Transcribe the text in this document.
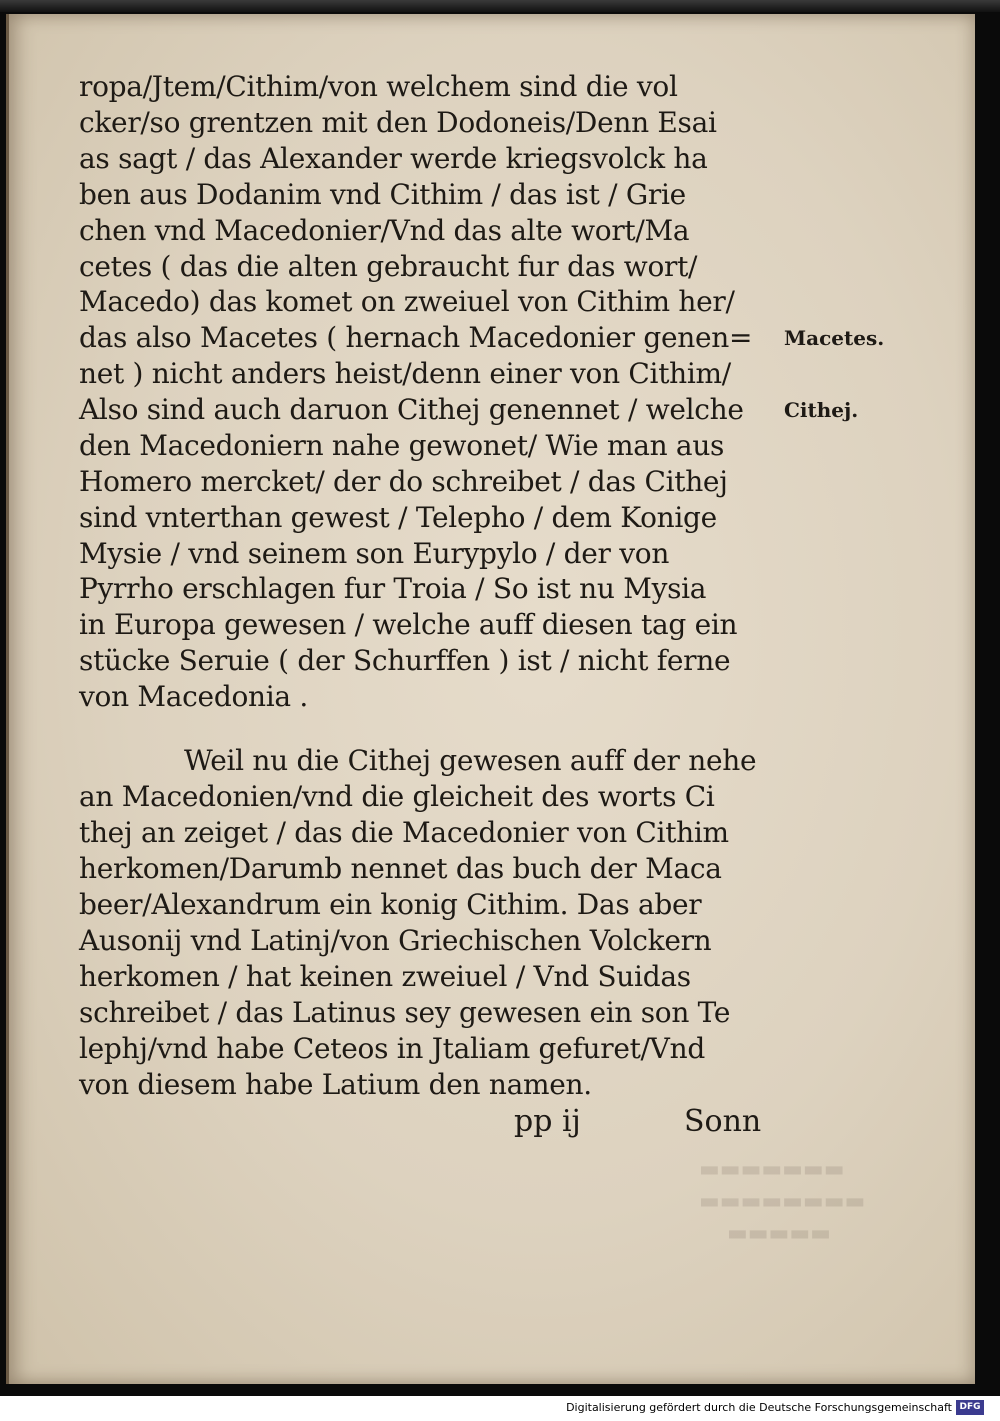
ropa/Jtem/Cithim/von welchem sind die vol
cker/so grentzen mit den Dodoneis/Denn Esai
as sagt / das Alexander werde kriegsvolck ha
ben aus Dodanim vnd Cithim / das ist / Grie
chen vnd Macedonier/Vnd das alte wort/Ma
cetes ( das die alten gebraucht fur das wort/
Macedo) das komet on zweiuel von Cithim her/
das also Macetes ( hernach Macedonier genen=
net ) nicht anders heist/denn einer von Cithim/
Also sind auch daruon Cithej genennet / welche
den Macedoniern nahe gewonet/ Wie man aus
Homero mercket/ der do schreibet / das Cithej
sind vnterthan gewest / Telepho / dem Konige
Mysie / vnd seinem son Eurypylo / der von
Pyrrho erschlagen fur Troia / So ist nu Mysia
in Europa gewesen / welche auff diesen tag ein
stücke Seruie ( der Schurffen ) ist / nicht ferne
von Macedonia .
Macetes.
Cithej.
Weil nu die Cithej gewesen auff der nehe
an Macedonien/vnd die gleicheit des worts Ci
thej an zeiget / das die Macedonier von Cithim
herkomen/Darumb nennet das buch der Maca
beer/Alexandrum ein konig Cithim. Das aber
Ausonij vnd Latinj/von Griechischen Volckern
herkomen / hat keinen zweiuel / Vnd Suidas
schreibet / das Latinus sey gewesen ein son Te
lephj/vnd habe Ceteos in Jtaliam gefuret/Vnd
von diesem habe Latium den namen.
pp ij	Sonn
▬▬▬▬▬▬▬
▬▬▬▬▬▬▬▬
▬▬▬▬▬
Digitalisierung gefördert durch die Deutsche Forschungsgemeinschaft DFG
